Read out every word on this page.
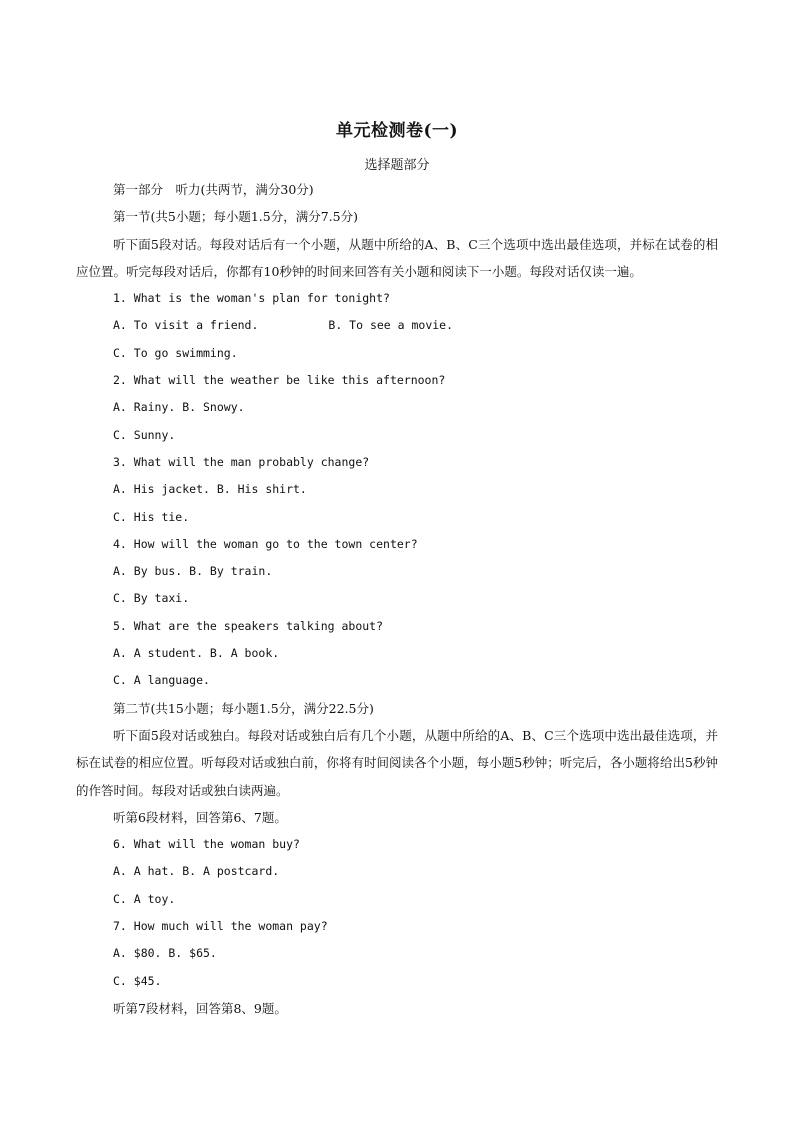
单元检测卷(一)
选择题部分

第一部分　听力(共两节，满分30分)

第一节(共5小题；每小题1.5分，满分7.5分)

听下面5段对话。每段对话后有一个小题，从题中所给的A、B、C三个选项中选出最佳选项，并标在试卷的相应位置。听完每段对话后，你都有10秒钟的时间来回答有关小题和阅读下一小题。每段对话仅读一遍。

1. What is the woman's plan for tonight?

A. To visit a friend.	B. To see a movie.

C. To go swimming.

2. What will the weather be like this afternoon?

A. Rainy. B. Snowy.

C. Sunny.

3. What will the man probably change?

A. His jacket. B. His shirt.

C. His tie.

4. How will the woman go to the town center?

A. By bus. B. By train.

C. By taxi.

5. What are the speakers talking about?

A. A student. B. A book.

C. A language.

第二节(共15小题；每小题1.5分，满分22.5分)

听下面5段对话或独白。每段对话或独白后有几个小题，从题中所给的A、B、C三个选项中选出最佳选项，并标在试卷的相应位置。听每段对话或独白前，你将有时间阅读各个小题，每小题5秒钟；听完后，各小题将给出5秒钟的作答时间。每段对话或独白读两遍。

听第6段材料，回答第6、7题。

6. What will the woman buy?

A. A hat. B. A postcard.

C. A toy.

7. How much will the woman pay?

A. $80. B. $65.

C. $45.

听第7段材料，回答第8、9题。
